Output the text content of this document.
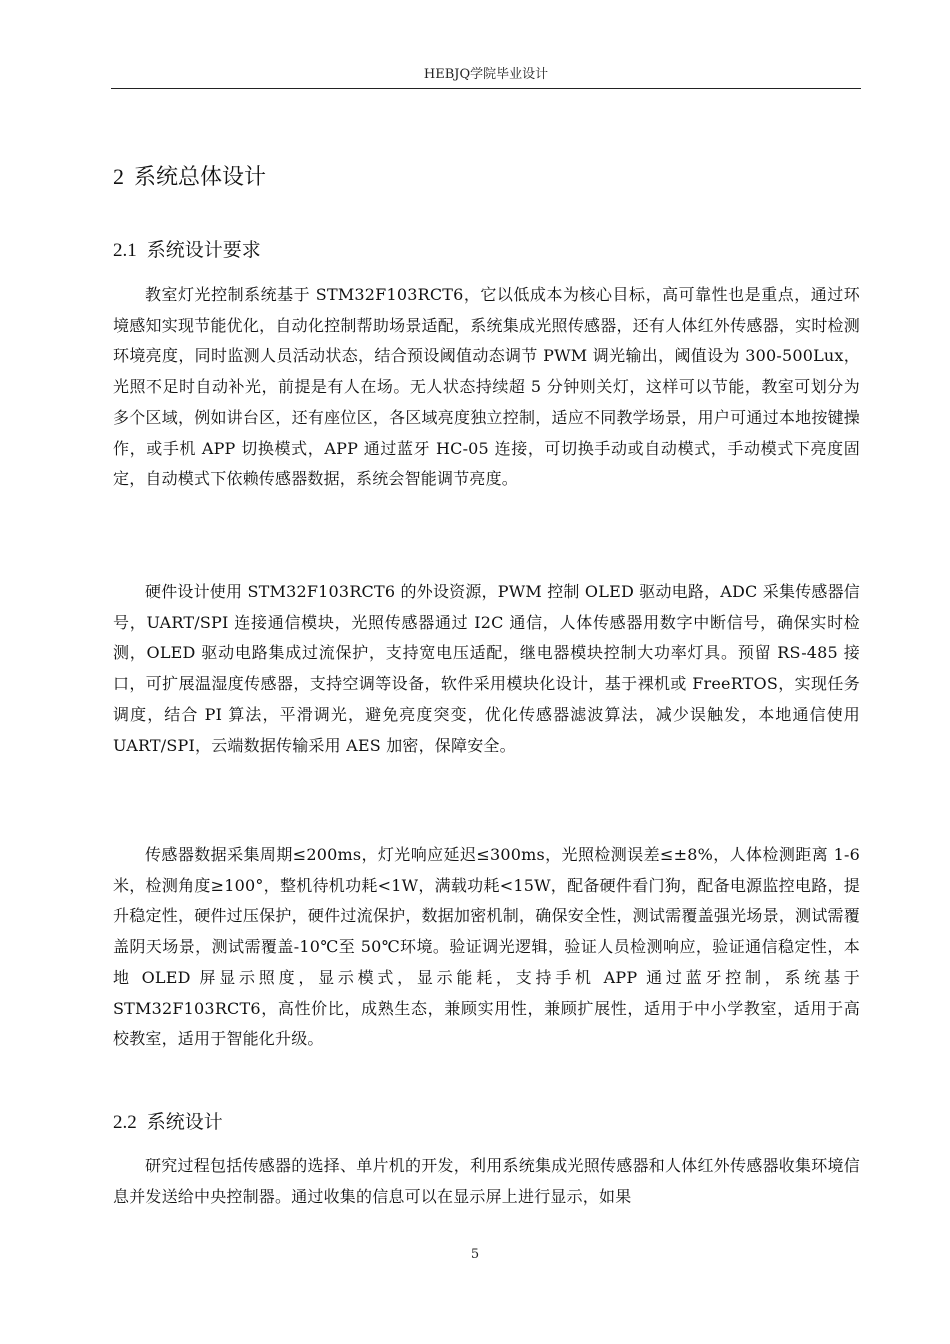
HEBJQ学院毕业设计
2 系统总体设计
2.1 系统设计要求

教室灯光控制系统基于 STM32F103RCT6，它以低成本为核心目标，高可靠性也是重点，通过环境感知实现节能优化，自动化控制帮助场景适配，系统集成光照传感器，还有人体红外传感器，实时检测环境亮度，同时监测人员活动状态，结合预设阈值动态调节 PWM 调光输出，阈值设为 300-500Lux，光照不足时自动补光，前提是有人在场。无人状态持续超 5 分钟则关灯，这样可以节能，教室可划分为多个区域，例如讲台区，还有座位区，各区域亮度独立控制，适应不同教学场景，用户可通过本地按键操作，或手机 APP 切换模式，APP 通过蓝牙 HC-05 连接，可切换手动或自动模式，手动模式下亮度固定，自动模式下依赖传感器数据，系统会智能调节亮度。

硬件设计使用 STM32F103RCT6 的外设资源，PWM 控制 OLED 驱动电路，ADC 采集传感器信号，UART/SPI 连接通信模块，光照传感器通过 I2C 通信，人体传感器用数字中断信号，确保实时检测，OLED 驱动电路集成过流保护，支持宽电压适配，继电器模块控制大功率灯具。预留 RS-485 接口，可扩展温湿度传感器，支持空调等设备，软件采用模块化设计，基于裸机或 FreeRTOS，实现任务调度，结合 PI 算法，平滑调光，避免亮度突变，优化传感器滤波算法，减少误触发，本地通信使用 UART/SPI，云端数据传输采用 AES 加密，保障安全。

传感器数据采集周期≤200ms，灯光响应延迟≤300ms，光照检测误差≤±8%，人体检测距离 1-6 米，检测角度≥100°，整机待机功耗<1W，满载功耗<15W，配备硬件看门狗，配备电源监控电路，提升稳定性，硬件过压保护，硬件过流保护，数据加密机制，确保安全性，测试需覆盖强光场景，测试需覆盖阴天场景，测试需覆盖-10℃至 50℃环境。验证调光逻辑，验证人员检测响应，验证通信稳定性，本地 OLED 屏显示照度，显示模式，显示能耗，支持手机 APP 通过蓝牙控制，系统基于 STM32F103RCT6，高性价比，成熟生态，兼顾实用性，兼顾扩展性，适用于中小学教室，适用于高校教室，适用于智能化升级。

2.2 系统设计

研究过程包括传感器的选择、单片机的开发，利用系统集成光照传感器和人体红外传感器收集环境信息并发送给中央控制器。通过收集的信息可以在显示屏上进行显示，如果

5
